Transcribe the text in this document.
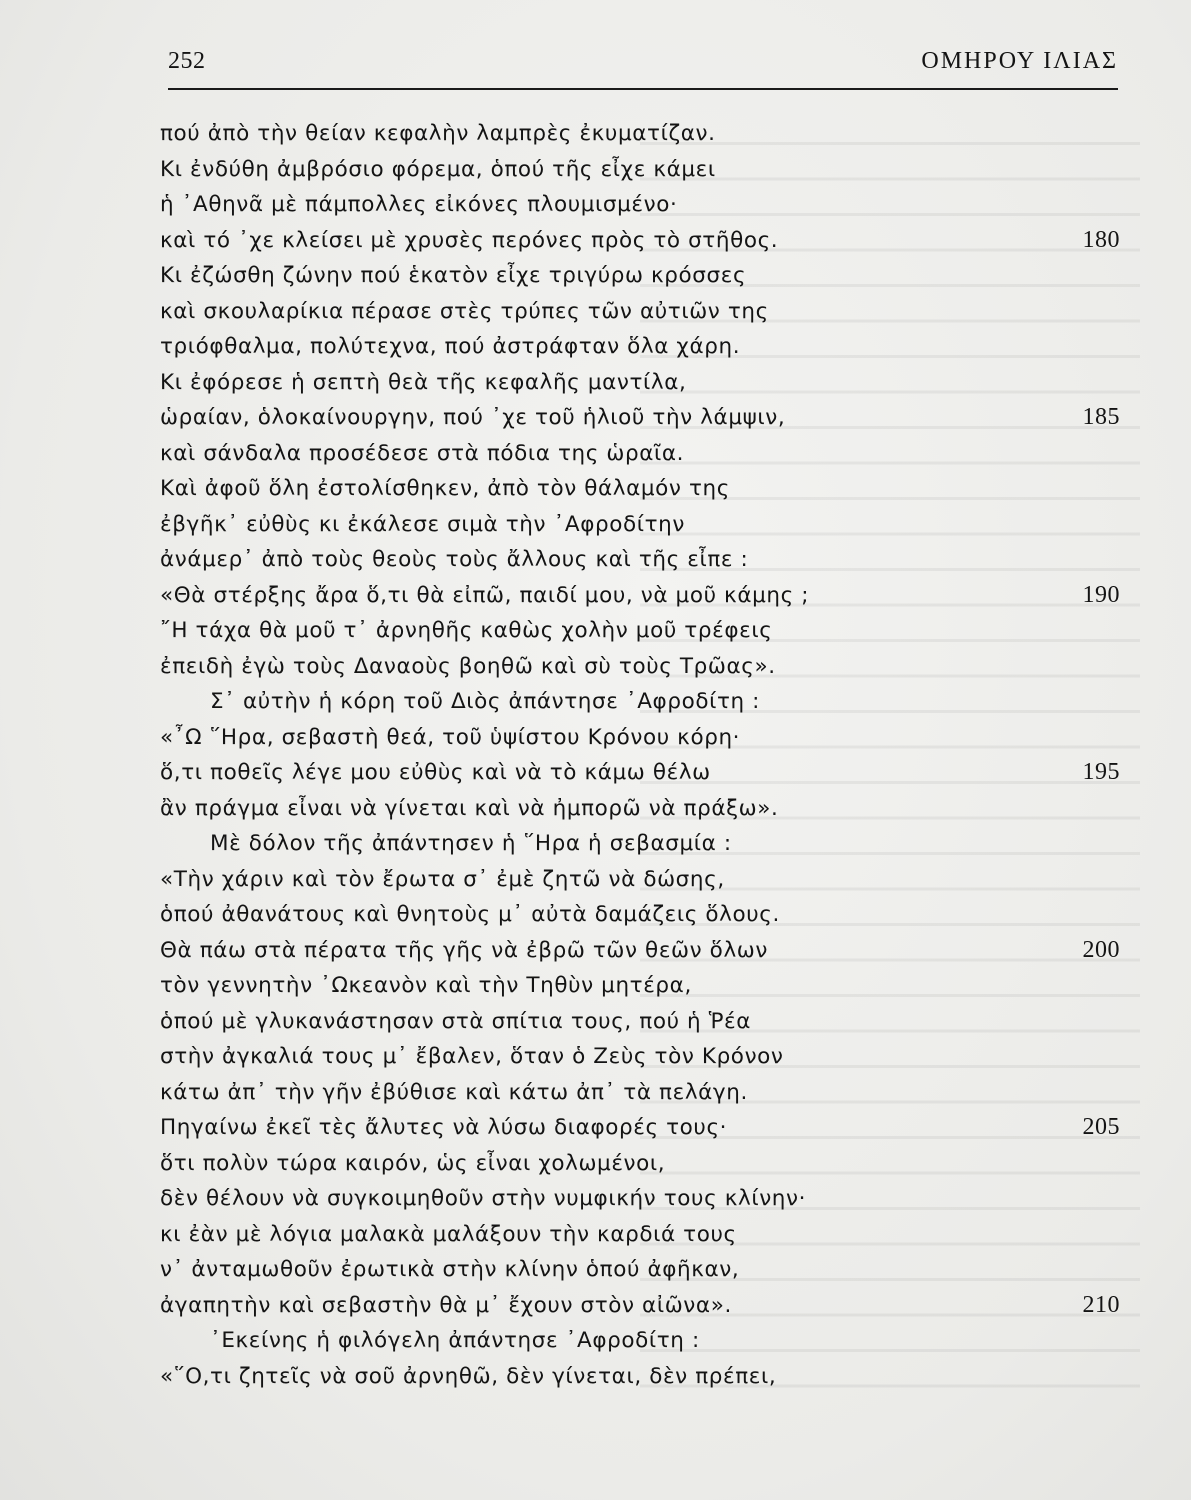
252	ΟΜΗΡΟΥ ΙΛΙΑΣ
πού ἀπὸ τὴν θείαν κεφαλὴν λαμπρὲς ἐκυματίζαν.
Κι ἐνδύθη ἀμβρόσιο φόρεμα, ὁπού τῆς εἶχε κάμει
ἡ ᾿Αθηνᾶ μὲ πάμπολλες εἰκόνες πλουμισμένο·
καὶ τό ᾿χε κλείσει μὲ χρυσὲς περόνες πρὸς τὸ στῆθος.	180
Κι ἐζώσθη ζώνην πού ἑκατὸν εἶχε τριγύρω κρόσσες
καὶ σκουλαρίκια πέρασε στὲς τρύπες τῶν αὐτιῶν της
τριόφθαλμα, πολύτεχνα, πού ἀστράφταν ὅλα χάρη.
Κι ἐφόρεσε ἡ σεπτὴ θεὰ τῆς κεφαλῆς μαντίλα,
ὡραίαν, ὁλοκαίνουργην, πού ᾿χε τοῦ ἡλιοῦ τὴν λάμψιν,	185
καὶ σάνδαλα προσέδεσε στὰ πόδια της ὡραῖα.
Καὶ ἀφοῦ ὅλη ἐστολίσθηκεν, ἀπὸ τὸν θάλαμόν της
ἐβγῆκ᾿ εὐθὺς κι ἐκάλεσε σιμὰ τὴν ᾿Αφροδίτην
ἀνάμερ᾿ ἀπὸ τοὺς θεοὺς τοὺς ἄλλους καὶ τῆς εἶπε :
«Θὰ στέρξης ἄρα ὅ,τι θὰ εἰπῶ, παιδί μου, νὰ μοῦ κάμης ;	190
῎Η τάχα θὰ μοῦ τ᾿ ἀρνηθῆς καθὼς χολὴν μοῦ τρέφεις
ἐπειδὴ ἐγὼ τοὺς Δαναοὺς βοηθῶ καὶ σὺ τοὺς Τρῶας».
Σ᾿ αὐτὴν ἡ κόρη τοῦ Διὸς ἀπάντησε ᾿Αφροδίτη :
«῏Ω ῞Ηρα, σεβαστὴ θεά, τοῦ ὑψίστου Κρόνου κόρη·
ὅ,τι ποθεῖς λέγε μου εὐθὺς καὶ νὰ τὸ κάμω θέλω	195
ἂν πράγμα εἶναι νὰ γίνεται καὶ νὰ ἠμπορῶ νὰ πράξω».
Μὲ δόλον τῆς ἀπάντησεν ἡ ῞Ηρα ἡ σεβασμία :
«Τὴν χάριν καὶ τὸν ἔρωτα σ᾿ ἐμὲ ζητῶ νὰ δώσης,
ὁπού ἀθανάτους καὶ θνητοὺς μ᾿ αὐτὰ δαμάζεις ὅλους.
Θὰ πάω στὰ πέρατα τῆς γῆς νὰ ἐβρῶ τῶν θεῶν ὅλων	200
τὸν γεννητὴν ᾿Ωκεανὸν καὶ τὴν Τηθὺν μητέρα,
ὁπού μὲ γλυκανάστησαν στὰ σπίτια τους, πού ἡ Ῥέα
στὴν ἀγκαλιά τους μ᾿ ἔβαλεν, ὅταν ὁ Ζεὺς τὸν Κρόνον
κάτω ἀπ᾿ τὴν γῆν ἐβύθισε καὶ κάτω ἀπ᾿ τὰ πελάγη.
Πηγαίνω ἐκεῖ τὲς ἄλυτες νὰ λύσω διαφορές τους·	205
ὅτι πολὺν τώρα καιρόν, ὡς εἶναι χολωμένοι,
δὲν θέλουν νὰ συγκοιμηθοῦν στὴν νυμφικήν τους κλίνην·
κι ἐὰν μὲ λόγια μαλακὰ μαλάξουν τὴν καρδιά τους
ν᾿ ἀνταμωθοῦν ἐρωτικὰ στὴν κλίνην ὁπού ἀφῆκαν,
ἀγαπητὴν καὶ σεβαστὴν θὰ μ᾿ ἔχουν στὸν αἰῶνα».	210
᾿Εκείνης ἡ φιλόγελη ἀπάντησε ᾿Αφροδίτη :
«῞Ο,τι ζητεῖς νὰ σοῦ ἀρνηθῶ, δὲν γίνεται, δὲν πρέπει,
